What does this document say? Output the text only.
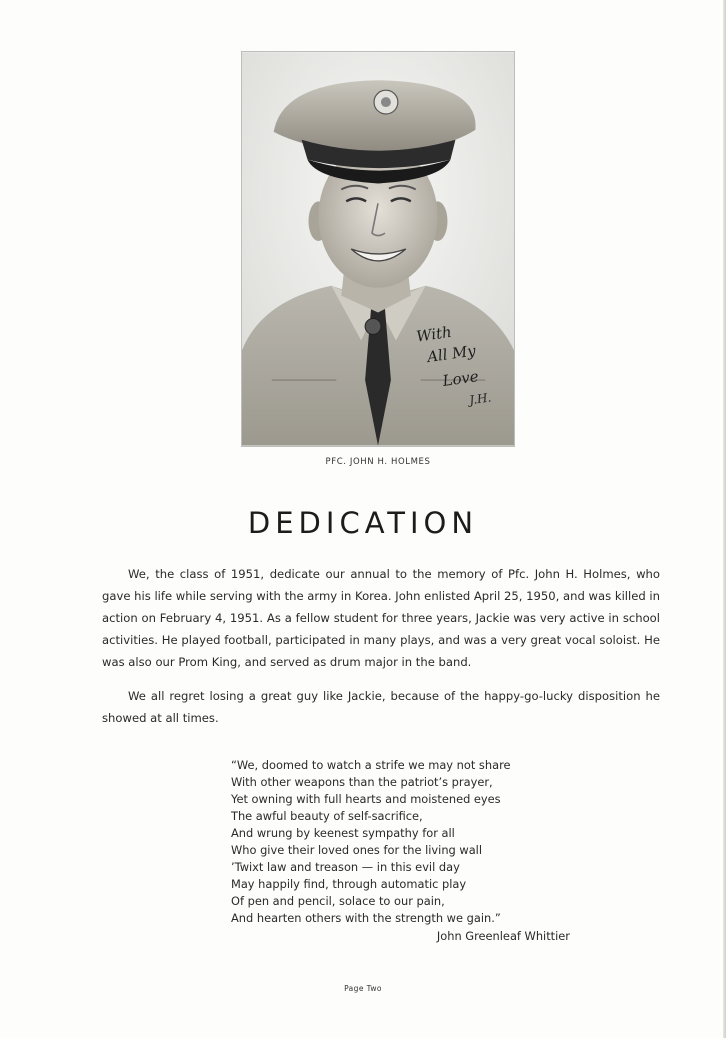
With
All My
Love
J.H.
PFC. JOHN H. HOLMES
DEDICATION

We, the class of 1951, dedicate our annual to the memory of Pfc. John H. Holmes, who gave his life while serving with the army in Korea. John enlisted April 25, 1950, and was killed in action on February 4, 1951. As a fellow student for three years, Jackie was very active in school activities. He played football, participated in many plays, and was a very great vocal soloist. He was also our Prom King, and served as drum major in the band.

We all regret losing a great guy like Jackie, because of the happy-go-lucky disposition he showed at all times.

“We, doomed to watch a strife we may not share
With other weapons than the patriot’s prayer,
Yet owning with full hearts and moistened eyes
The awful beauty of self-sacrifice,
And wrung by keenest sympathy for all
Who give their loved ones for the living wall
’Twixt law and treason — in this evil day
May happily find, through automatic play
Of pen and pencil, solace to our pain,
And hearten others with the strength we gain.”
John Greenleaf Whittier
Page Two
